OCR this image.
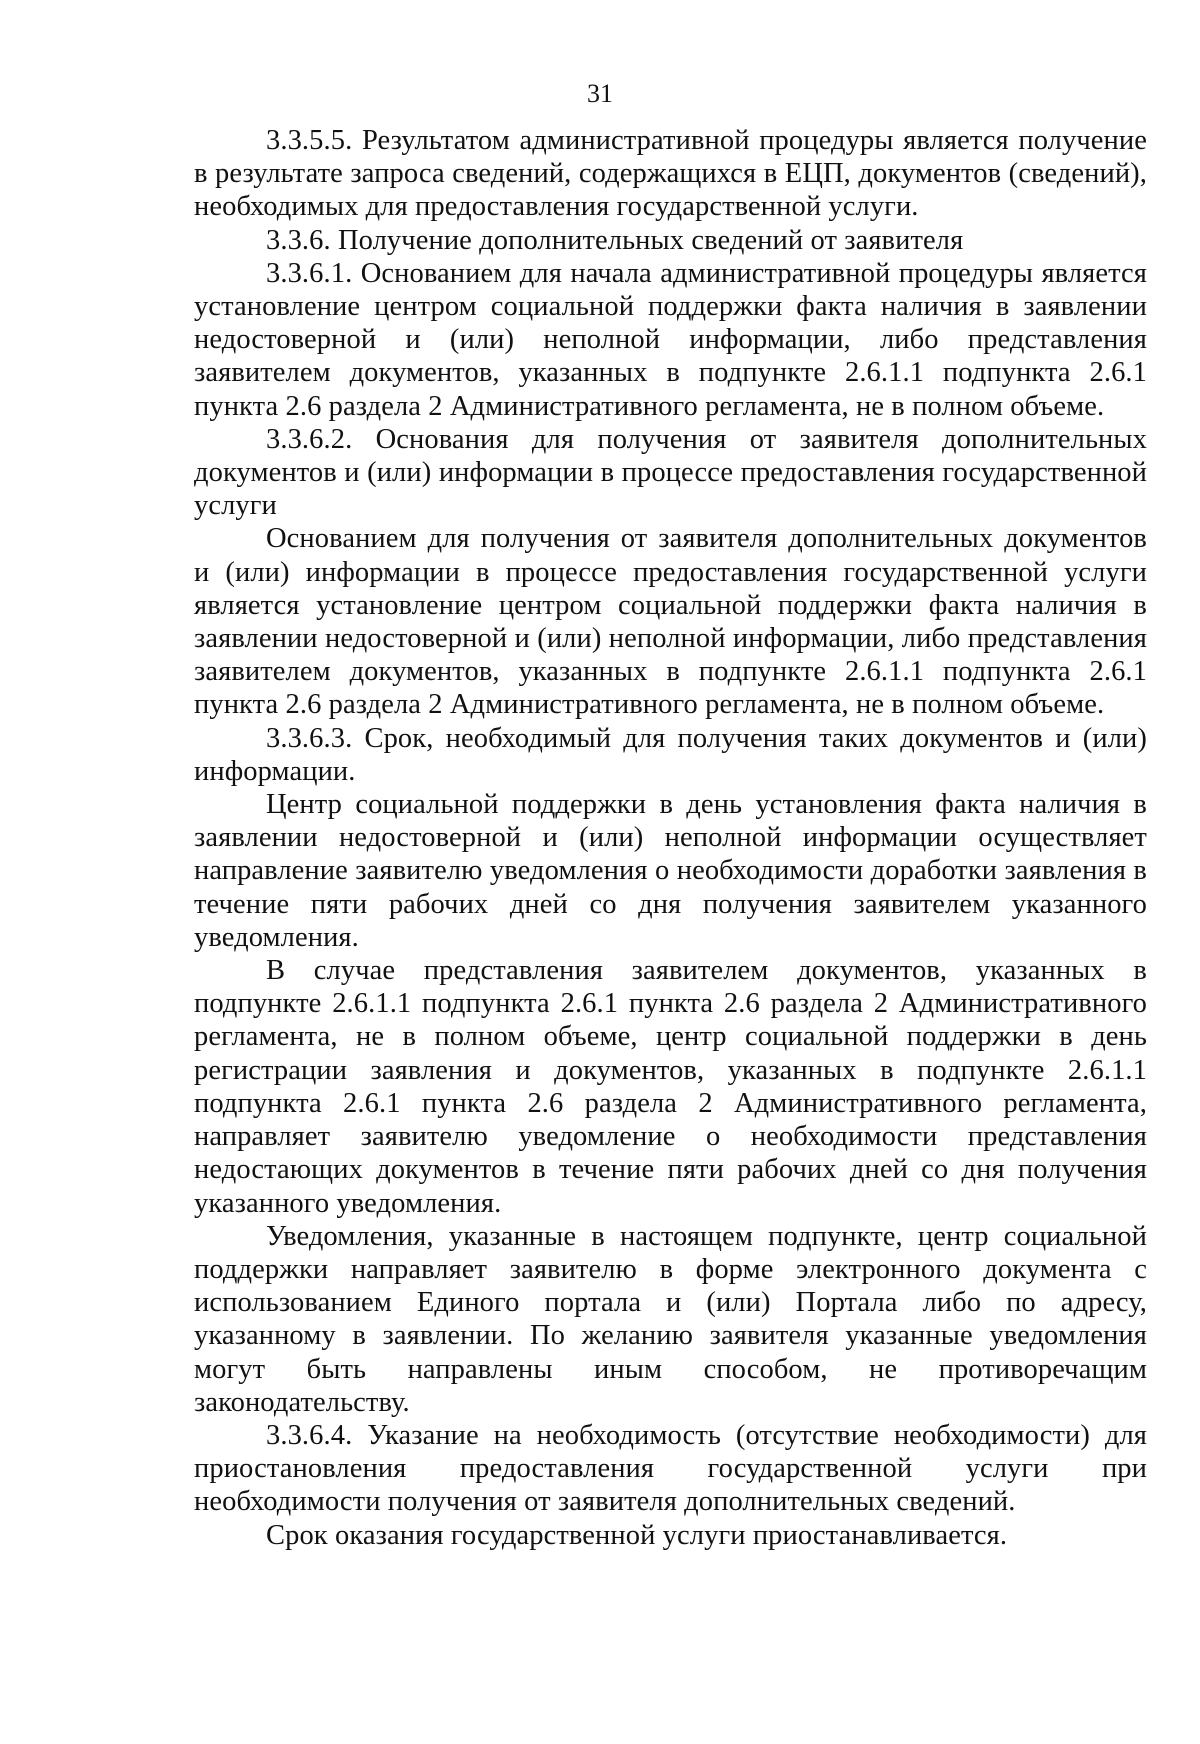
31

3.3.5.5. Результатом административной процедуры является получение в результате запроса сведений, содержащихся в ЕЦП, документов (сведений), необходимых для предоставления государственной услуги.

3.3.6. Получение дополнительных сведений от заявителя

3.3.6.1. Основанием для начала административной процедуры является установление центром социальной поддержки факта наличия в заявлении недостоверной и (или) неполной информации, либо представления заявителем документов, указанных в подпункте 2.6.1.1 подпункта 2.6.1 пункта 2.6 раздела 2 Административного регламента, не в полном объеме.

3.3.6.2. Основания для получения от заявителя дополнительных документов и (или) информации в процессе предоставления государственной услуги

Основанием для получения от заявителя дополнительных документов и (или) информации в процессе предоставления государственной услуги является установление центром социальной поддержки факта наличия в заявлении недостоверной и (или) неполной информации, либо представления заявителем документов, указанных в подпункте 2.6.1.1 подпункта 2.6.1 пункта 2.6 раздела 2 Административного регламента, не в полном объеме.

3.3.6.3. Срок, необходимый для получения таких документов и (или) информации.

Центр социальной поддержки в день установления факта наличия в заявлении недостоверной и (или) неполной информации осуществляет направление заявителю уведомления о необходимости доработки заявления в течение пяти рабочих дней со дня получения заявителем указанного уведомления.

В случае представления заявителем документов, указанных в подпункте 2.6.1.1 подпункта 2.6.1 пункта 2.6 раздела 2 Административного регламента, не в полном объеме, центр социальной поддержки в день регистрации заявления и документов, указанных в подпункте 2.6.1.1 подпункта 2.6.1 пункта 2.6 раздела 2 Административного регламента, направляет заявителю уведомление о необходимости представления недостающих документов в течение пяти рабочих дней со дня получения указанного уведомления.

Уведомления, указанные в настоящем подпункте, центр социальной поддержки направляет заявителю в форме электронного документа с использованием Единого портала и (или) Портала либо по адресу, указанному в заявлении. По желанию заявителя указанные уведомления могут быть направлены иным способом, не противоречащим законодательству.

3.3.6.4. Указание на необходимость (отсутствие необходимости) для приостановления предоставления государственной услуги при необходимости получения от заявителя дополнительных сведений.

Срок оказания государственной услуги приостанавливается.
